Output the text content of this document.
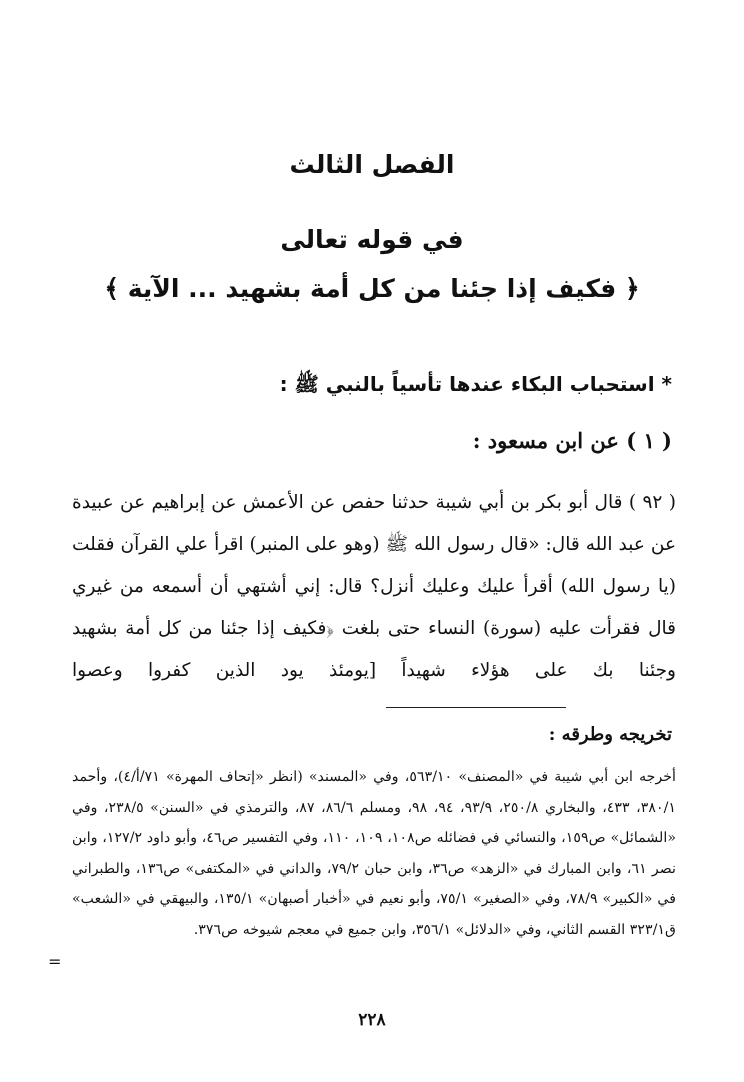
الفصل الثالث
في قوله تعالى
﴿ فكيف إذا جئنا من كل أمة بشهيد ... الآية ﴾
* استحباب البكاء عندها تأسياً بالنبي ﷺ :
( ١ ) عن ابن مسعود :

( ٩٢ ) قال أبو بكر بن أبي شيبة حدثنا حفص عن الأعمش عن إبراهيم عن عبيدة عن عبد الله قال: «قال رسول الله ﷺ (وهو على المنبر) اقرأ علي القرآن فقلت (يا رسول الله) أقرأ عليك وعليك أنزل؟ قال: إني أشتهي أن أسمعه من غيري قال فقرأت عليه (سورة) النساء حتى بلغت ﴿فكيف إذا جئنا من كل أمة بشهيد وجئنا بك على هؤلاء شهيداً [يومئذ يود الذين كفروا وعصوا

تخريجه وطرقه :
أخرجه ابن أبي شيبة في «المصنف» ٥٦٣/١٠، وفي «المسند» (انظر «إتحاف المهرة» ٧١/أ/٤)، وأحمد ٣٨٠/١، ٤٣٣، والبخاري ٢٥٠/٨، ٩٣/٩، ٩٤، ٩٨، ومسلم ٨٦/٦، ٨٧، والترمذي في «السنن» ٢٣٨/٥، وفي «الشمائل» ص١٥٩، والنسائي في فضائله ص١٠٨، ١٠٩، ١١٠، وفي التفسير ص٤٦، وأبو داود ١٢٧/٢، وابن نصر ٦١، وابن المبارك في «الزهد» ص٣٦، وابن حبان ٧٩/٢، والداني في «المكتفى» ص١٣٦، والطبراني في «الكبير» ٧٨/٩، وفي «الصغير» ٧٥/١، وأبو نعيم في «أخبار أصبهان» ١٣٥/١، والبيهقي في «الشعب» ق٣٢٣/١ القسم الثاني، وفي «الدلائل» ٣٥٦/١، وابن جميع في معجم شيوخه ص٣٧٦.
=
٢٢٨
